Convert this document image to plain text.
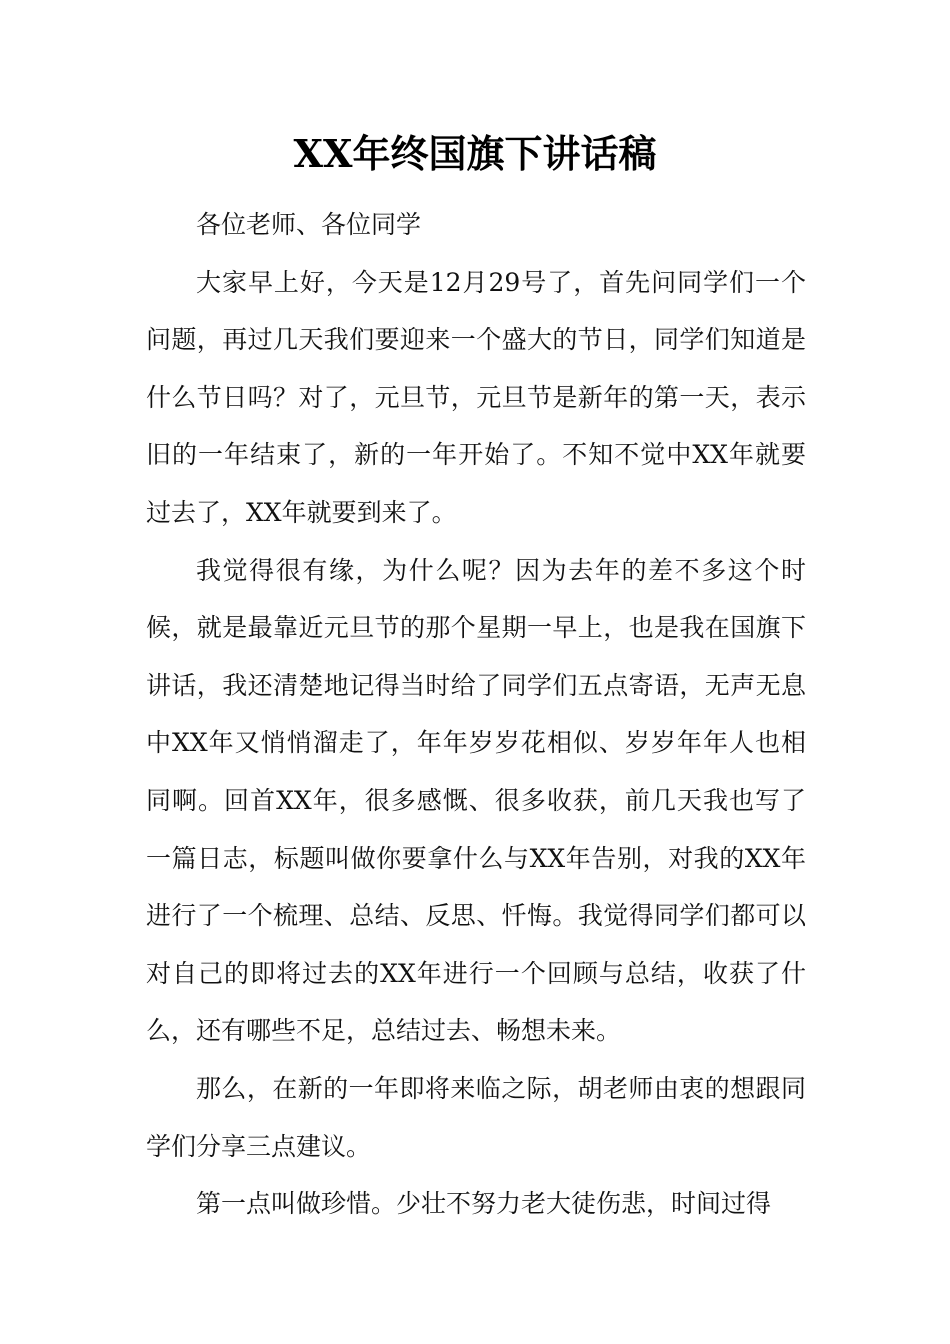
XX年终国旗下讲话稿

各位老师、各位同学

大家早上好，今天是12月29号了，首先问同学们一个问题，再过几天我们要迎来一个盛大的节日，同学们知道是什么节日吗？对了，元旦节，元旦节是新年的第一天，表示旧的一年结束了，新的一年开始了。不知不觉中XX年就要过去了，XX年就要到来了。

我觉得很有缘，为什么呢？因为去年的差不多这个时候，就是最靠近元旦节的那个星期一早上，也是我在国旗下讲话，我还清楚地记得当时给了同学们五点寄语，无声无息中XX年又悄悄溜走了，年年岁岁花相似、岁岁年年人也相同啊。回首XX年，很多感慨、很多收获，前几天我也写了一篇日志，标题叫做你要拿什么与XX年告别，对我的XX年进行了一个梳理、总结、反思、忏悔。我觉得同学们都可以对自己的即将过去的XX年进行一个回顾与总结，收获了什么，还有哪些不足，总结过去、畅想未来。

那么，在新的一年即将来临之际，胡老师由衷的想跟同学们分享三点建议。

第一点叫做珍惜。少壮不努力老大徒伤悲，时间过得
